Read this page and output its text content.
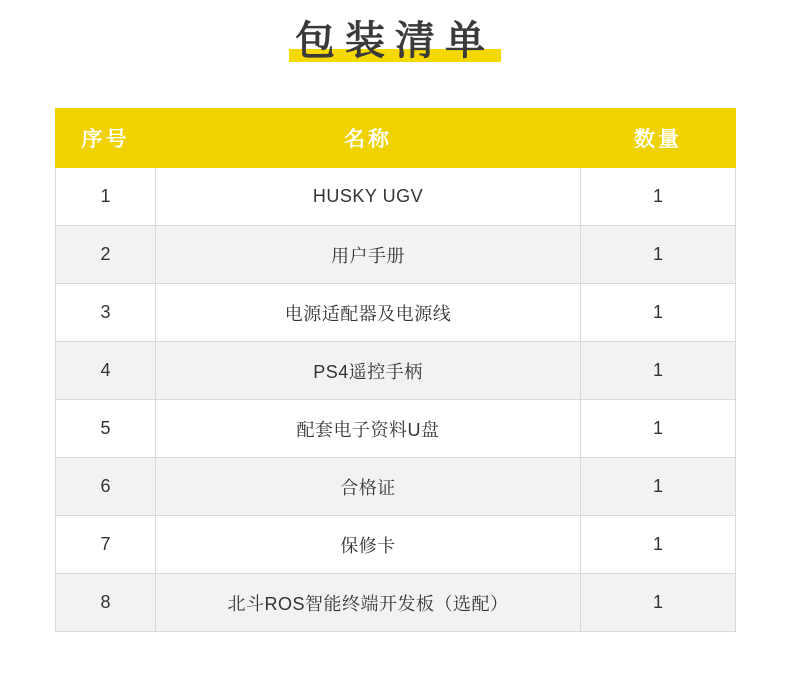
包装清单
序号	名称	数量
1	HUSKY UGV	1
2	用户手册	1
3	电源适配器及电源线	1
4	PS4遥控手柄	1
5	配套电子资料U盘	1
6	合格证	1
7	保修卡	1
8	北斗ROS智能终端开发板（选配）	1
